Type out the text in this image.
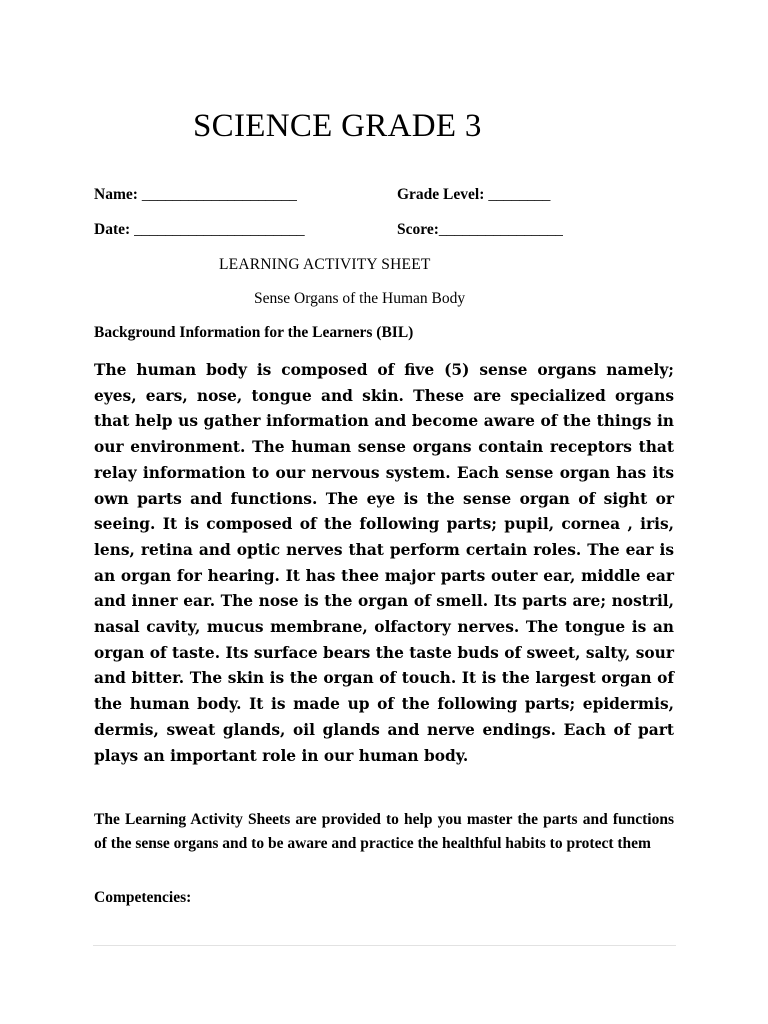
SCIENCE GRADE 3
Name: ____________________	Grade Level: ________
Date: ______________________	Score:________________
LEARNING ACTIVITY SHEET
Sense Organs of the Human Body
Background Information for the Learners (BIL)

The human body is composed of five (5) sense organs namely; eyes, ears, nose, tongue and skin. These are specialized organs that help us gather information and become aware of the things in our environment. The human sense organs contain receptors that relay information to our nervous system. Each sense organ has its own parts and functions. The eye is the sense organ of sight or seeing. It is composed of the following parts; pupil, cornea , iris, lens, retina and optic nerves that perform certain roles. The ear is an organ for hearing. It has thee major parts outer ear, middle ear and inner ear. The nose is the organ of smell. Its parts are; nostril, nasal cavity, mucus membrane, olfactory nerves. The tongue is an organ of taste. Its surface bears the taste buds of sweet, salty, sour and bitter. The skin is the organ of touch. It is the largest organ of the human body. It is made up of the following parts; epidermis, dermis, sweat glands, oil glands and nerve endings. Each of part plays an important role in our human body.

The Learning Activity Sheets are provided to help you master the parts and functions of the sense organs and to be aware and practice the healthful habits to protect them

Competencies:
